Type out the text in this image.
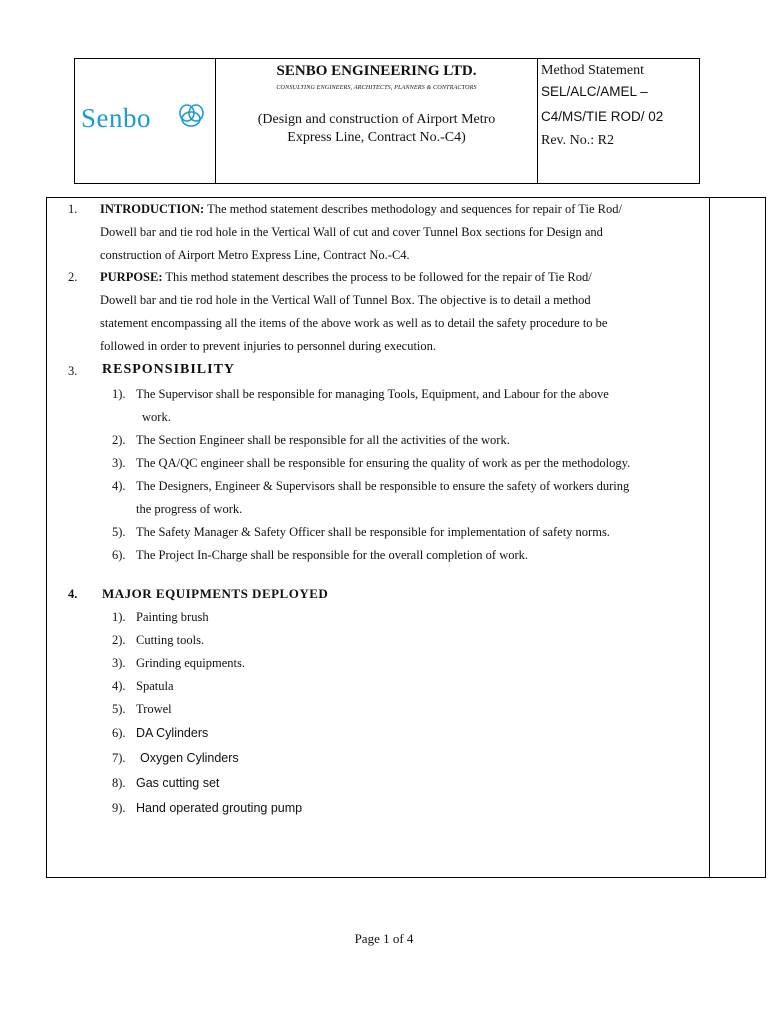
Senbo
SENBO ENGINEERING LTD.
CONSULTING ENGINEERS, ARCHITECTS, PLANNERS & CONTRACTORS
(Design and construction of Airport Metro
Express Line, Contract No.-C4)
Method Statement
SEL/ALC/AMEL –
C4/MS/TIE ROD/ 02
Rev. No.: R2
1. INTRODUCTION: The method statement describes methodology and sequences for repair of Tie Rod/
Dowell bar and tie rod hole in the Vertical Wall of cut and cover Tunnel Box sections for Design and
construction of Airport Metro Express Line, Contract No.-C4.
2. PURPOSE: This method statement describes the process to be followed for the repair of Tie Rod/
Dowell bar and tie rod hole in the Vertical Wall of Tunnel Box. The objective is to detail a method
statement encompassing all the items of the above work as well as to detail the safety procedure to be
followed in order to prevent injuries to personnel during execution.
3. RESPONSIBILITY
1). The Supervisor shall be responsible for managing Tools, Equipment, and Labour for the above
work.
2). The Section Engineer shall be responsible for all the activities of the work.
3). The QA/QC engineer shall be responsible for ensuring the quality of work as per the methodology.
4). The Designers, Engineer & Supervisors shall be responsible to ensure the safety of workers during
the progress of work.
5). The Safety Manager & Safety Officer shall be responsible for implementation of safety norms.
6). The Project In-Charge shall be responsible for the overall completion of work.
4. MAJOR EQUIPMENTS DEPLOYED
1). Painting brush
2). Cutting tools.
3). Grinding equipments.
4). Spatula
5). Trowel
6). DA Cylinders
7). Oxygen Cylinders
8). Gas cutting set
9). Hand operated grouting pump
Page 1 of 4
